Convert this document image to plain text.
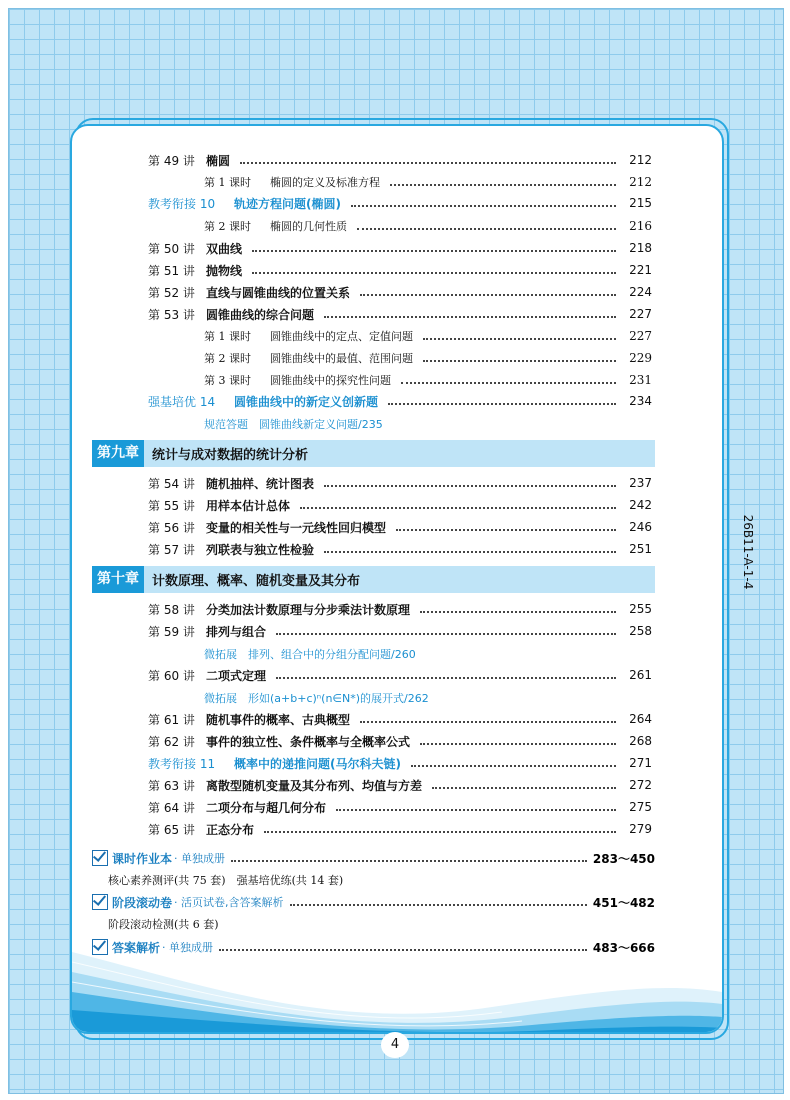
第 49 讲 椭圆	212
第 1 课时	椭圆的定义及标准方程	212
教考衔接 10	轨迹方程问题(椭圆)	215
第 2 课时	椭圆的几何性质	216
第 50 讲 双曲线	218
第 51 讲 抛物线	221
第 52 讲 直线与圆锥曲线的位置关系	224
第 53 讲 圆锥曲线的综合问题	227
第 1 课时	圆锥曲线中的定点、定值问题	227
第 2 课时	圆锥曲线中的最值、范围问题	229
第 3 课时	圆锥曲线中的探究性问题	231
强基培优 14	圆锥曲线中的新定义创新题	234
规范答题　圆锥曲线新定义问题/235
第九章	统计与成对数据的统计分析
第 54 讲 随机抽样、统计图表	237
第 55 讲 用样本估计总体	242
第 56 讲 变量的相关性与一元线性回归模型	246
第 57 讲 列联表与独立性检验	251
第十章	计数原理、概率、随机变量及其分布
第 58 讲 分类加法计数原理与分步乘法计数原理	255
第 59 讲 排列与组合	258
微拓展　排列、组合中的分组分配问题/260
第 60 讲 二项式定理	261
微拓展　形如(a+b+c)ⁿ(n∈N*)的展开式/262
第 61 讲 随机事件的概率、古典概型	264
第 62 讲 事件的独立性、条件概率与全概率公式	268
教考衔接 11	概率中的递推问题(马尔科夫链)	271
第 63 讲 离散型随机变量及其分布列、均值与方差	272
第 64 讲 二项分布与超几何分布	275
第 65 讲 正态分布	279
课时作业本 · 单独成册	283～450
核心素养测评(共 75 套)　强基培优练(共 14 套)
阶段滚动卷 · 活页试卷,含答案解析	451～482
阶段滚动检测(共 6 套)
答案解析 · 单独成册	483～666
4
26B11-A-1-4
